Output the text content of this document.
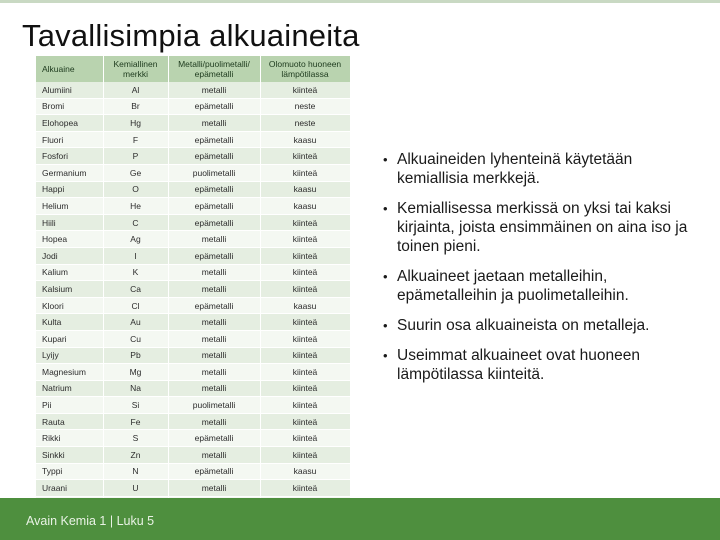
Tavallisimpia alkuaineita
Alkuaine	Kemiallinen merkki	Metalli/puolimetalli/ epämetalli	Olomuoto huoneen lämpötilassa
Alumiini	Al	metalli	kiinteä
Bromi	Br	epämetalli	neste
Elohopea	Hg	metalli	neste
Fluori	F	epämetalli	kaasu
Fosfori	P	epämetalli	kiinteä
Germanium	Ge	puolimetalli	kiinteä
Happi	O	epämetalli	kaasu
Helium	He	epämetalli	kaasu
Hiili	C	epämetalli	kiinteä
Hopea	Ag	metalli	kiinteä
Jodi	I	epämetalli	kiinteä
Kalium	K	metalli	kiinteä
Kalsium	Ca	metalli	kiinteä
Kloori	Cl	epämetalli	kaasu
Kulta	Au	metalli	kiinteä
Kupari	Cu	metalli	kiinteä
Lyijy	Pb	metalli	kiinteä
Magnesium	Mg	metalli	kiinteä
Natrium	Na	metalli	kiinteä
Pii	Si	puolimetalli	kiinteä
Rauta	Fe	metalli	kiinteä
Rikki	S	epämetalli	kiinteä
Sinkki	Zn	metalli	kiinteä
Typpi	N	epämetalli	kaasu
Uraani	U	metalli	kiinteä

• Alkuaineiden lyhenteinä käytetään kemiallisia merkkejä.
• Kemiallisessa merkissä on yksi tai kaksi kirjainta, joista ensimmäinen on aina iso ja toinen pieni.
• Alkuaineet jaetaan metalleihin, epämetalleihin ja puolimetalleihin.
• Suurin osa alkuaineista on metalleja.
• Useimmat alkuaineet ovat huoneen lämpötilassa kiinteitä.
Avain Kemia 1 | Luku 5
